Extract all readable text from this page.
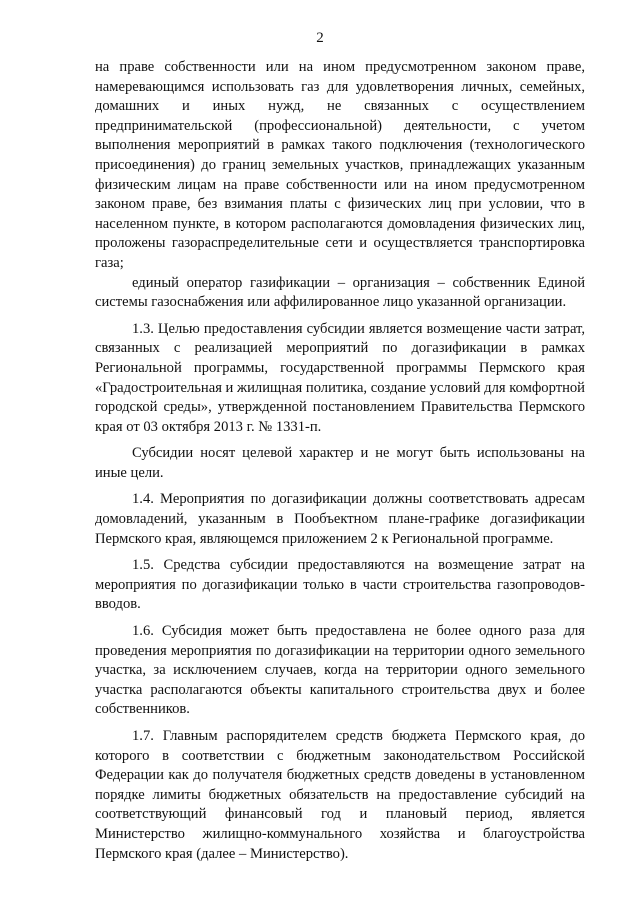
2

на праве собственности или на ином предусмотренном законом праве, намеревающимся использовать газ для удовлетворения личных, семейных, домашних и иных нужд, не связанных с осуществлением предпринимательской (профессиональной) деятельности, с учетом выполнения мероприятий в рамках такого подключения (технологического присоединения) до границ земельных участков, принадлежащих указанным физическим лицам на праве собственности или на ином предусмотренном законом праве, без взимания платы с физических лиц при условии, что в населенном пункте, в котором располагаются домовладения физических лиц, проложены газораспределительные сети и осуществляется транспортировка газа;

единый оператор газификации – организация – собственник Единой системы газоснабжения или аффилированное лицо указанной организации.

1.3. Целью предоставления субсидии является возмещение части затрат, связанных с реализацией мероприятий по догазификации в рамках Региональной программы, государственной программы Пермского края «Градостроительная и жилищная политика, создание условий для комфортной городской среды», утвержденной постановлением Правительства Пермского края от 03 октября 2013 г. № 1331-п.

Субсидии носят целевой характер и не могут быть использованы на иные цели.

1.4. Мероприятия по догазификации должны соответствовать адресам домовладений, указанным в Пообъектном плане-графике догазификации Пермского края, являющемся приложением 2 к Региональной программе.

1.5. Средства субсидии предоставляются на возмещение затрат на мероприятия по догазификации только в части строительства газопроводов-вводов.

1.6. Субсидия может быть предоставлена не более одного раза для проведения мероприятия по догазификации на территории одного земельного участка, за исключением случаев, когда на территории одного земельного участка располагаются объекты капитального строительства двух и более собственников.

1.7. Главным распорядителем средств бюджета Пермского края, до которого в соответствии с бюджетным законодательством Российской Федерации как до получателя бюджетных средств доведены в установленном порядке лимиты бюджетных обязательств на предоставление субсидий на соответствующий финансовый год и плановый период, является Министерство жилищно-коммунального хозяйства и благоустройства Пермского края (далее – Министерство).
